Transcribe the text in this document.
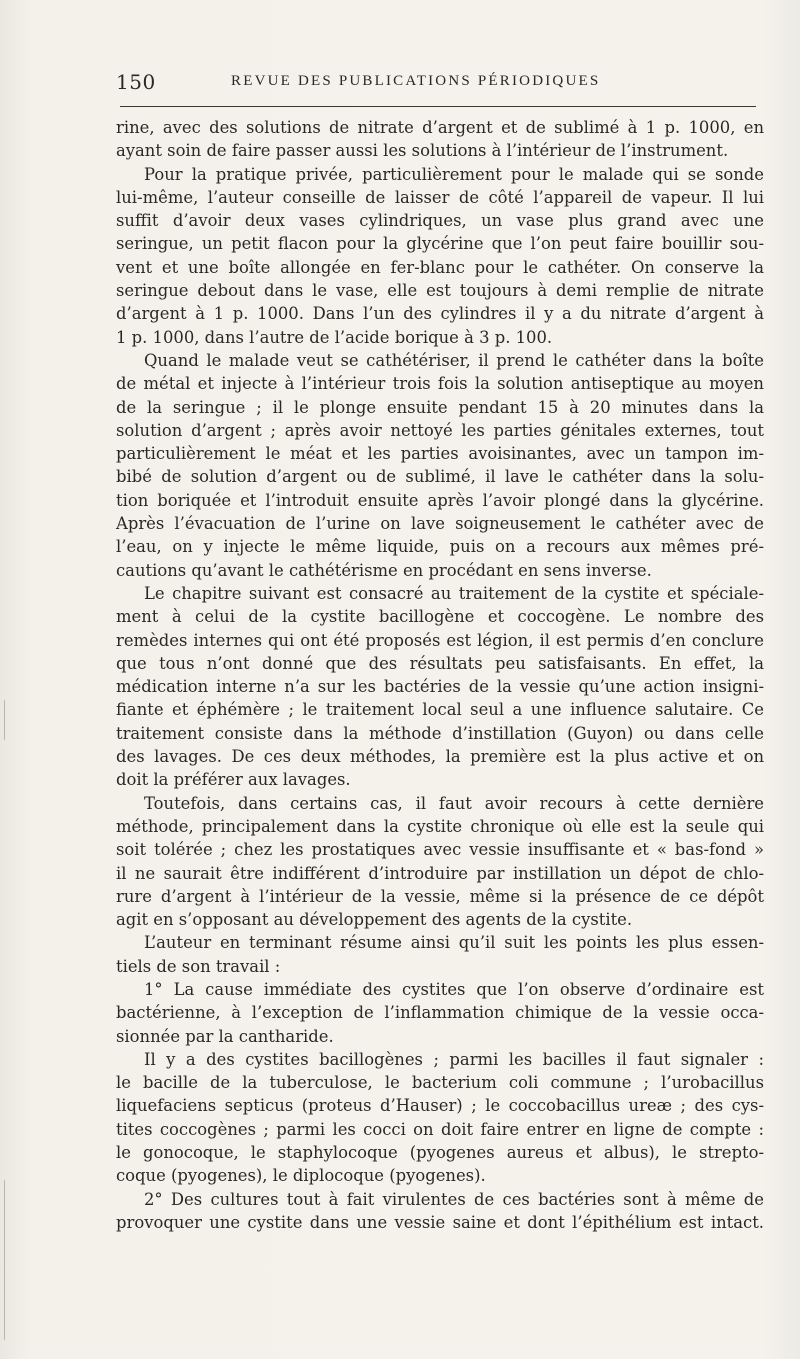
150	REVUE DES PUBLICATIONS PÉRIODIQUES
rine, avec des solutions de nitrate d’argent et de sublimé à 1 p. 1000, en
ayant soin de faire passer aussi les solutions à l’intérieur de l’instrument.
Pour la pratique privée, particulièrement pour le malade qui se sonde
lui-même, l’auteur conseille de laisser de côté l’appareil de vapeur. Il lui
suffit d’avoir deux vases cylindriques, un vase plus grand avec une
seringue, un petit flacon pour la glycérine que l’on peut faire bouillir sou-
vent et une boîte allongée en fer-blanc pour le cathéter. On conserve la
seringue debout dans le vase, elle est toujours à demi remplie de nitrate
d’argent à 1 p. 1000. Dans l’un des cylindres il y a du nitrate d’argent à
1 p. 1000, dans l’autre de l’acide borique à 3 p. 100.
Quand le malade veut se cathétériser, il prend le cathéter dans la boîte
de métal et injecte à l’intérieur trois fois la solution antiseptique au moyen
de la seringue ; il le plonge ensuite pendant 15 à 20 minutes dans la
solution d’argent ; après avoir nettoyé les parties génitales externes, tout
particulièrement le méat et les parties avoisinantes, avec un tampon im-
bibé de solution d’argent ou de sublimé, il lave le cathéter dans la solu-
tion boriquée et l’introduit ensuite après l’avoir plongé dans la glycérine.
Après l’évacuation de l’urine on lave soigneusement le cathéter avec de
l’eau, on y injecte le même liquide, puis on a recours aux mêmes pré-
cautions qu’avant le cathétérisme en procédant en sens inverse.
Le chapitre suivant est consacré au traitement de la cystite et spéciale-
ment à celui de la cystite bacillogène et coccogène. Le nombre des
remèdes internes qui ont été proposés est légion, il est permis d’en conclure
que tous n’ont donné que des résultats peu satisfaisants. En effet, la
médication interne n’a sur les bactéries de la vessie qu’une action insigni-
fiante et éphémère ; le traitement local seul a une influence salutaire. Ce
traitement consiste dans la méthode d’instillation (Guyon) ou dans celle
des lavages. De ces deux méthodes, la première est la plus active et on
doit la préférer aux lavages.
Toutefois, dans certains cas, il faut avoir recours à cette dernière
méthode, principalement dans la cystite chronique où elle est la seule qui
soit tolérée ; chez les prostatiques avec vessie insuffisante et « bas-fond »
il ne saurait être indifférent d’introduire par instillation un dépot de chlo-
rure d’argent à l’intérieur de la vessie, même si la présence de ce dépôt
agit en s’opposant au développement des agents de la cystite.
L’auteur en terminant résume ainsi qu’il suit les points les plus essen-
tiels de son travail :
1° La cause immédiate des cystites que l’on observe d’ordinaire est
bactérienne, à l’exception de l’inflammation chimique de la vessie occa-
sionnée par la cantharide.
Il y a des cystites bacillogènes ; parmi les bacilles il faut signaler :
le bacille de la tuberculose, le bacterium coli commune ; l’urobacillus
liquefaciens septicus (proteus d’Hauser) ; le coccobacillus ureæ ; des cys-
tites coccogènes ; parmi les cocci on doit faire entrer en ligne de compte :
le gonocoque, le staphylocoque (pyogenes aureus et albus), le strepto-
coque (pyogenes), le diplocoque (pyogenes).
2° Des cultures tout à fait virulentes de ces bactéries sont à même de
provoquer une cystite dans une vessie saine et dont l’épithélium est intact.
